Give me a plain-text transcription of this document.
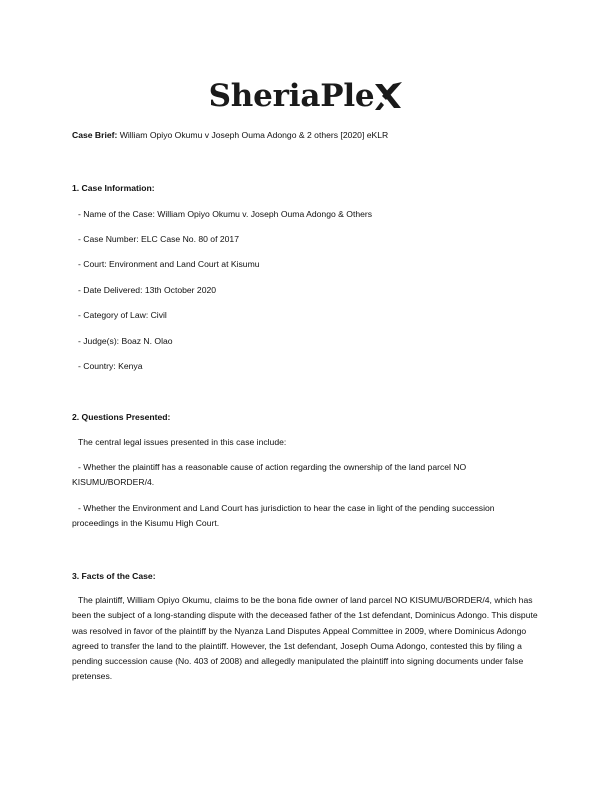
SheriaPle
Case Brief: William Opiyo Okumu v Joseph Ouma Adongo & 2 others [2020] eKLR
1. Case Information:
- Name of the Case: William Opiyo Okumu v. Joseph Ouma Adongo & Others
- Case Number: ELC Case No. 80 of 2017
- Court: Environment and Land Court at Kisumu
- Date Delivered: 13th October 2020
- Category of Law: Civil
- Judge(s): Boaz N. Olao
- Country: Kenya
2. Questions Presented:
The central legal issues presented in this case include:
- Whether the plaintiff has a reasonable cause of action regarding the ownership of the land parcel NO KISUMU/BORDER/4.
- Whether the Environment and Land Court has jurisdiction to hear the case in light of the pending succession proceedings in the Kisumu High Court.
3. Facts of the Case:
The plaintiff, William Opiyo Okumu, claims to be the bona fide owner of land parcel NO KISUMU/BORDER/4, which has been the subject of a long-standing dispute with the deceased father of the 1st defendant, Dominicus Adongo. This dispute was resolved in favor of the plaintiff by the Nyanza Land Disputes Appeal Committee in 2009, where Dominicus Adongo agreed to transfer the land to the plaintiff. However, the 1st defendant, Joseph Ouma Adongo, contested this by filing a pending succession cause (No. 403 of 2008) and allegedly manipulated the plaintiff into signing documents under false pretenses.
